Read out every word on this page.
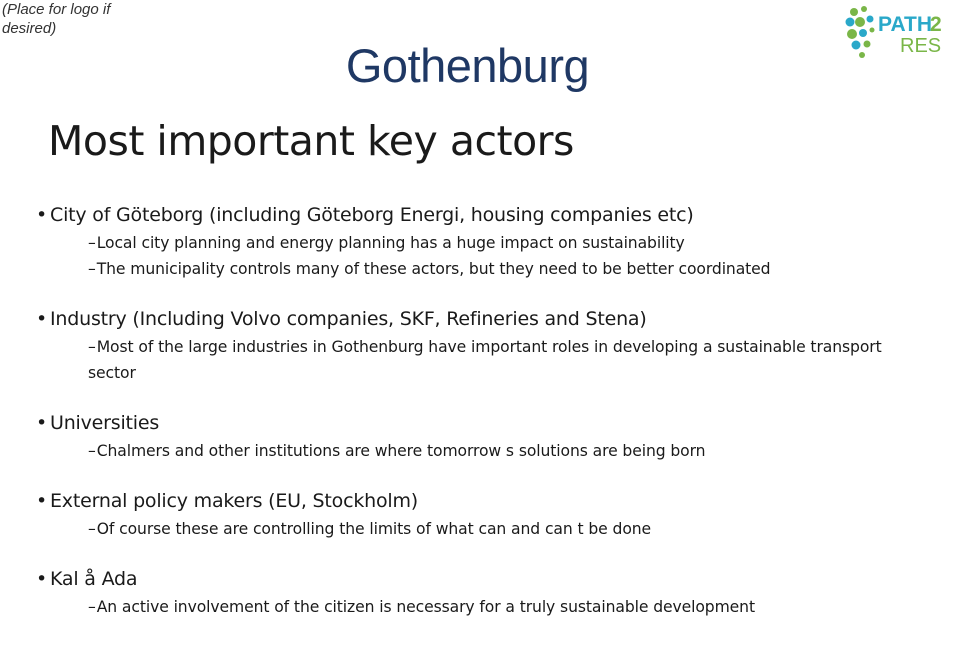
(Place for logo if desired)	PATH
2
RES
Gothenburg
Most important key actors
• City of Göteborg (including Göteborg Energi, housing companies etc)
–Local city planning and energy planning has a huge impact on sustainability
–The municipality controls many of these actors, but they need to be better coordinated
• Industry (Including Volvo companies, SKF, Refineries and Stena)
–Most of the large industries in Gothenburg have important roles in developing a sustainable transport sector
• Universities
–Chalmers and other institutions are where tomorrow s solutions are being born
• External policy makers (EU, Stockholm)
–Of course these are controlling the limits of what can and can t be done
• Kal å Ada
–An active involvement of the citizen is necessary for a truly sustainable development
